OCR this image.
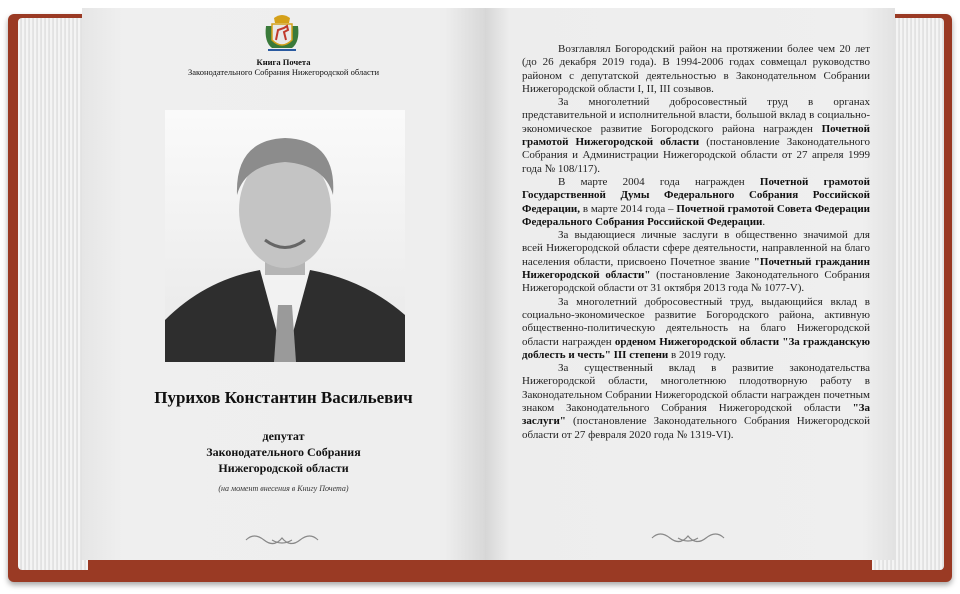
Книга Почета
Законодательного Собрания Нижегородской области
Пурихов Константин Васильевич
депутат
Законодательного Собрания
Нижегородской области
(на момент внесения в Книгу Почета)

Возглавлял Богородский район на протяжении более чем 20 лет (до 26 декабря 2019 года). В 1994-2006 годах совмещал руководство районом с депутатской деятельностью в Законодательном Собрании Нижегородской области I, II, III созывов.

За многолетний добросовестный труд в органах представительной и исполнительной власти, большой вклад в социально-экономическое развитие Богородского района награжден Почетной грамотой Нижегородской области (постановление Законодательного Собрания и Администрации Нижегородской области от 27 апреля 1999 года № 108/117).

В марте 2004 года награжден Почетной грамотой Государственной Думы Федерального Собрания Российской Федерации, в марте 2014 года – Почетной грамотой Совета Федерации Федерального Собрания Российской Федерации.

За выдающиеся личные заслуги в общественно значимой для всей Нижегородской области сфере деятельности, направленной на благо населения области, присвоено Почетное звание "Почетный гражданин Нижегородской области" (постановление Законодательного Собрания Нижегородской области от 31 октября 2013 года № 1077-V).

За многолетний добросовестный труд, выдающийся вклад в социально-экономическое развитие Богородского района, активную общественно-политическую деятельность на благо Нижегородской области награжден орденом Нижегородской области "За гражданскую доблесть и честь" III степени в 2019 году.

За существенный вклад в развитие законодательства Нижегородской области, многолетнюю плодотворную работу в Законодательном Собрании Нижегородской области награжден почетным знаком Законодательного Собрания Нижегородской области "За заслуги" (постановление Законодательного Собрания Нижегородской области от 27 февраля 2020 года № 1319-VI).
